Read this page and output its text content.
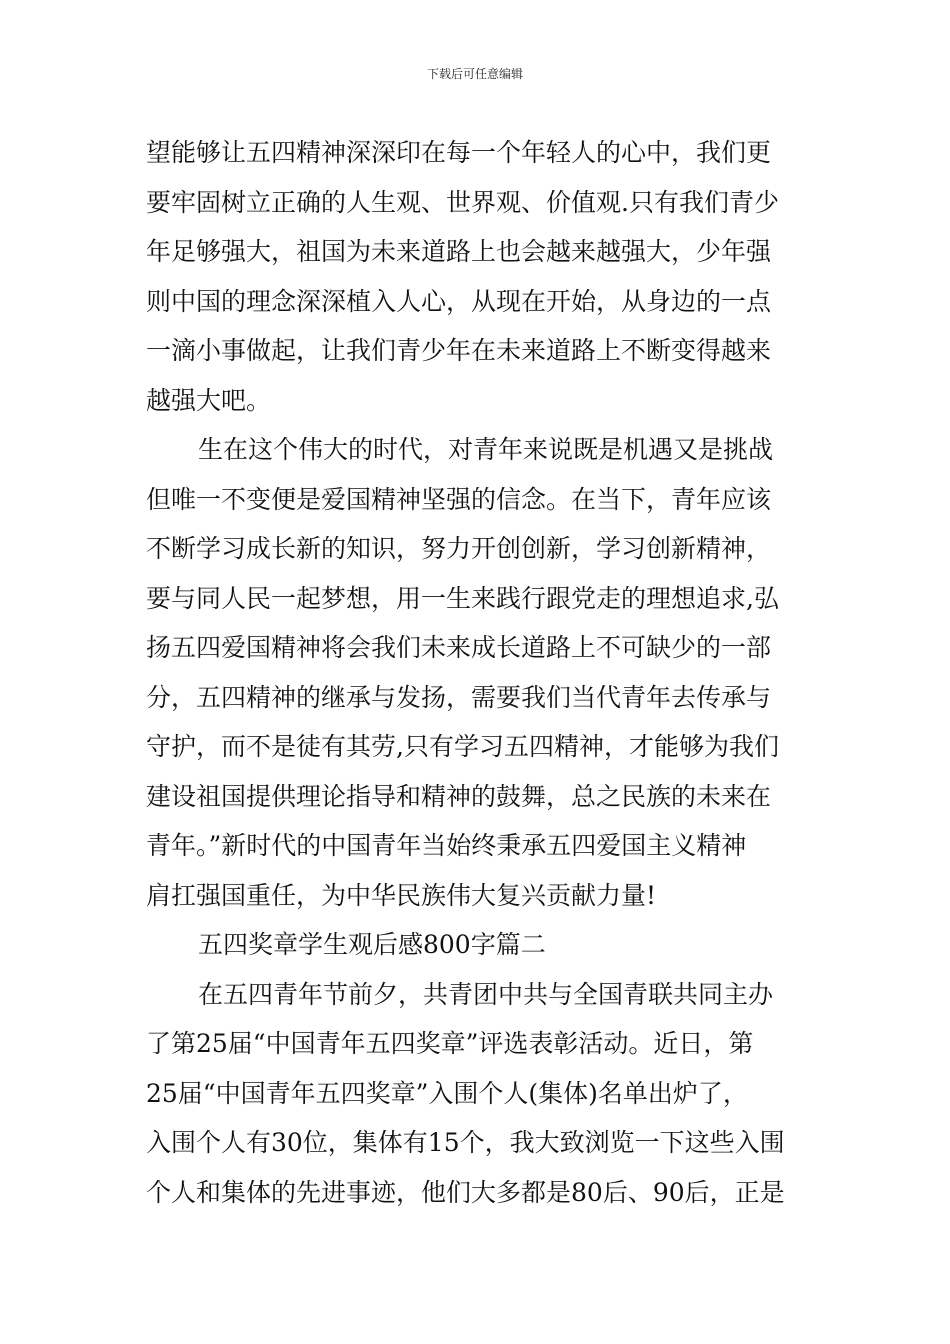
下载后可任意编辑
望能够让五四精神深深印在每一个年轻人的心中，我们更
要牢固树立正确的人生观、世界观、价值观.只有我们青少
年足够强大，祖国为未来道路上也会越来越强大，少年强
则中国的理念深深植入人心，从现在开始，从身边的一点
一滴小事做起，让我们青少年在未来道路上不断变得越来
越强大吧。
生在这个伟大的时代，对青年来说既是机遇又是挑战
但唯一不变便是爱国精神坚强的信念。在当下，青年应该
不断学习成长新的知识，努力开创创新，学习创新精神，
要与同人民一起梦想，用一生来践行跟党走的理想追求,弘
扬五四爱国精神将会我们未来成长道路上不可缺少的一部
分，五四精神的继承与发扬，需要我们当代青年去传承与
守护，而不是徒有其劳,只有学习五四精神，才能够为我们
建设祖国提供理论指导和精神的鼓舞，总之民族的未来在
青年。”新时代的中国青年当始终秉承五四爱国主义精神
肩扛强国重任，为中华民族伟大复兴贡献力量!
五四奖章学生观后感800字篇二
在五四青年节前夕，共青团中共与全国青联共同主办
了第25届“中国青年五四奖章”评选表彰活动。近日，第
25届“中国青年五四奖章”入围个人(集体)名单出炉了，
入围个人有30位，集体有15个，我大致浏览一下这些入围
个人和集体的先进事迹，他们大多都是80后、90后，正是
